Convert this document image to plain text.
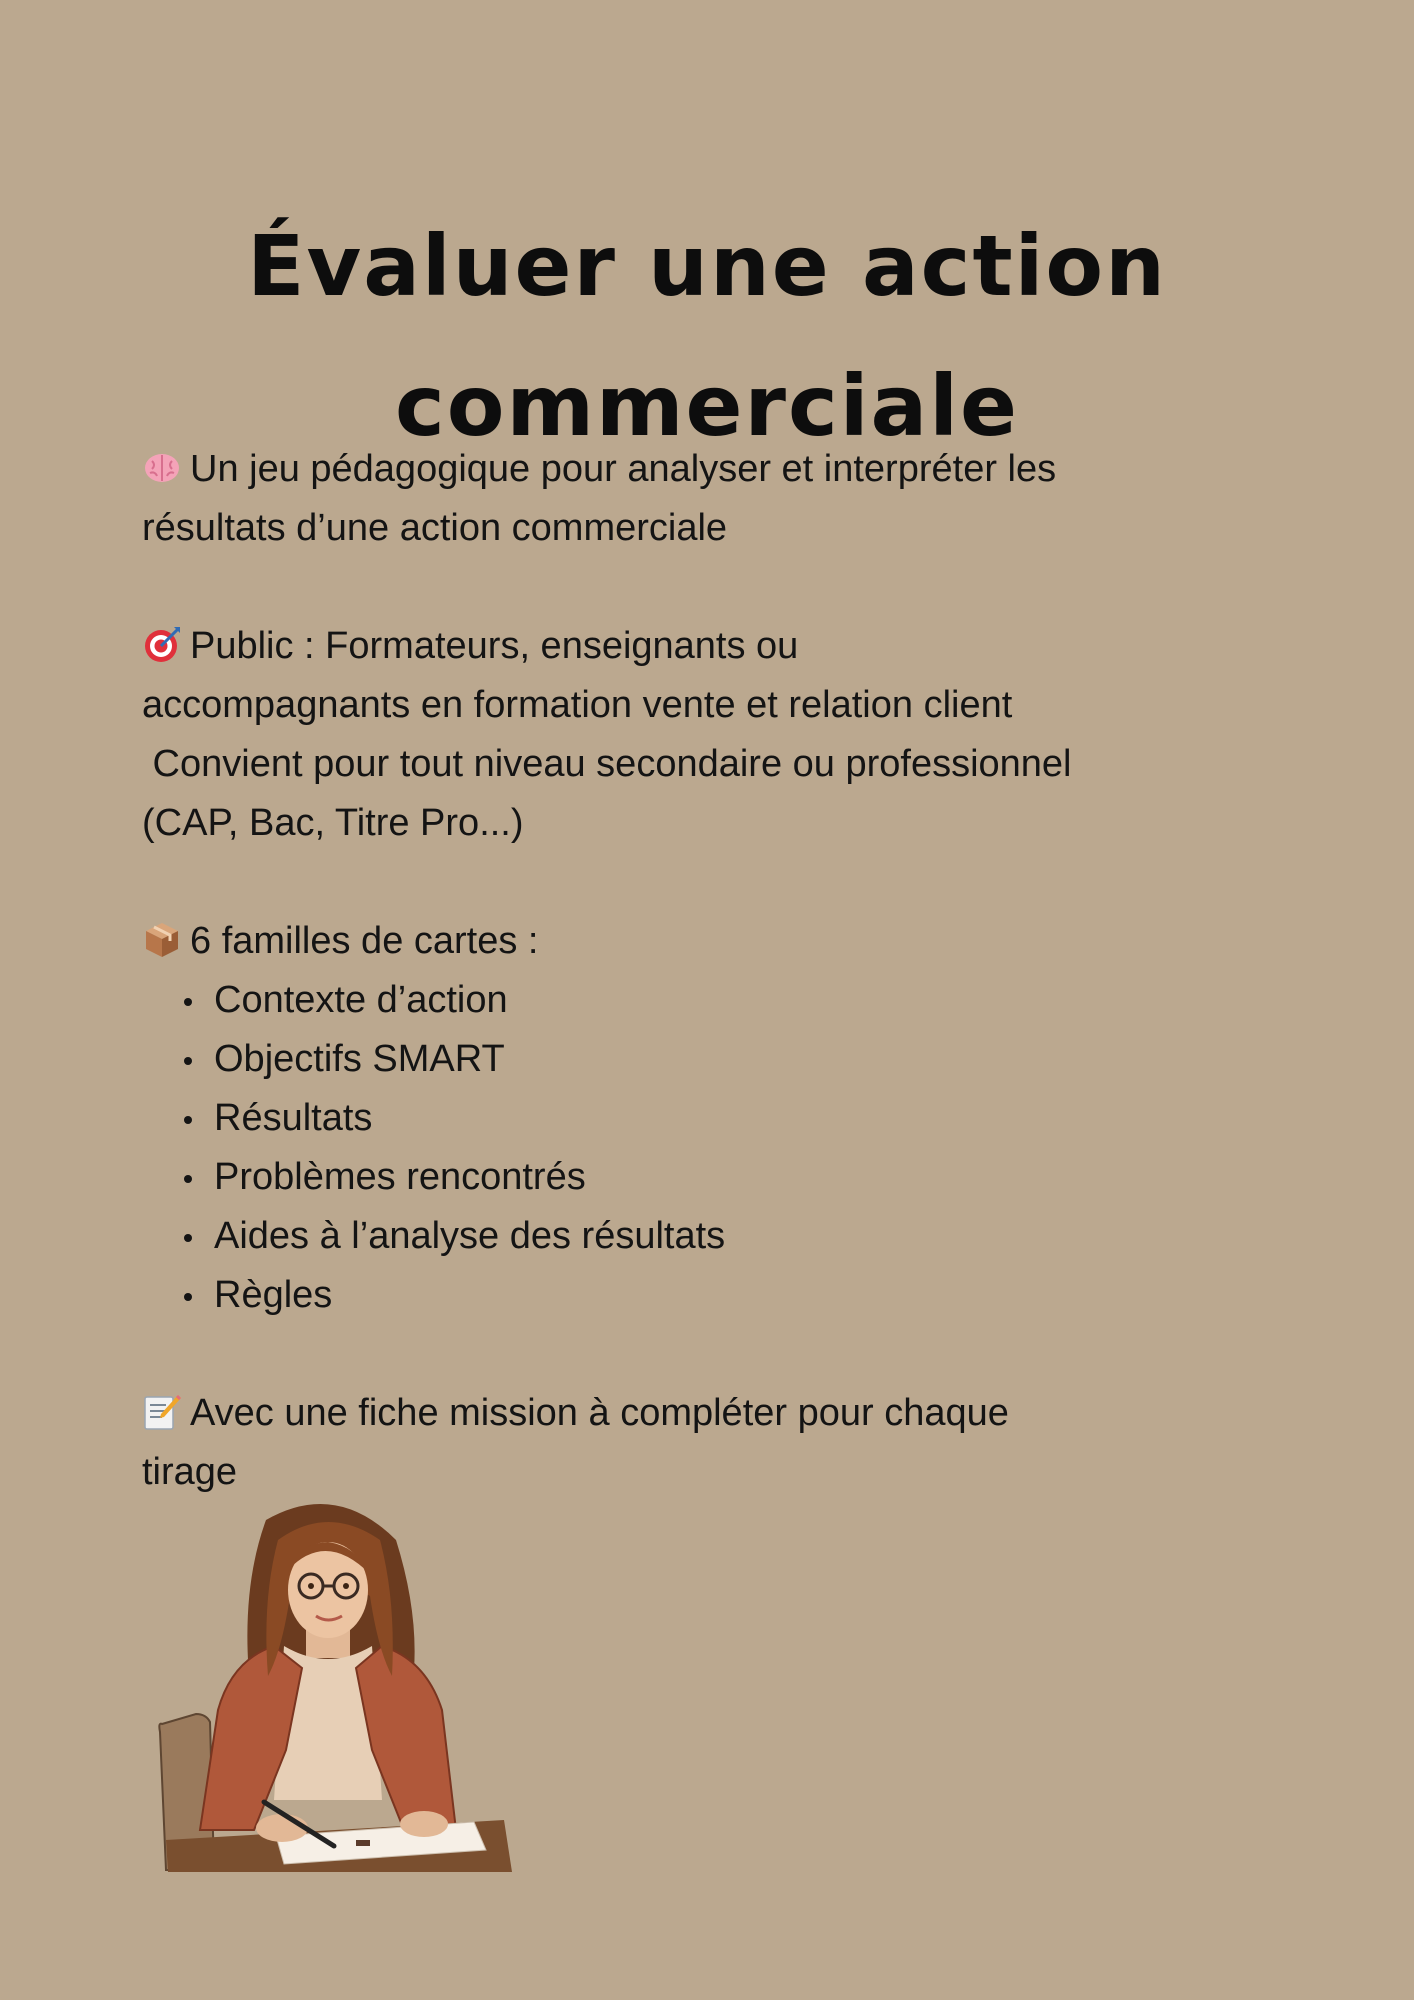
Évaluer une action
commerciale
Un jeu pédagogique pour analyser et interpréter les
résultats d’une action commerciale
Public : Formateurs, enseignants ou
accompagnants en formation vente et relation client
Convient pour tout niveau secondaire ou professionnel
(CAP, Bac, Titre Pro...)
6 familles de cartes :
Contexte d’action
Objectifs SMART
Résultats
Problèmes rencontrés
Aides à l’analyse des résultats
Règles
Avec une fiche mission à compléter pour chaque
tirage
